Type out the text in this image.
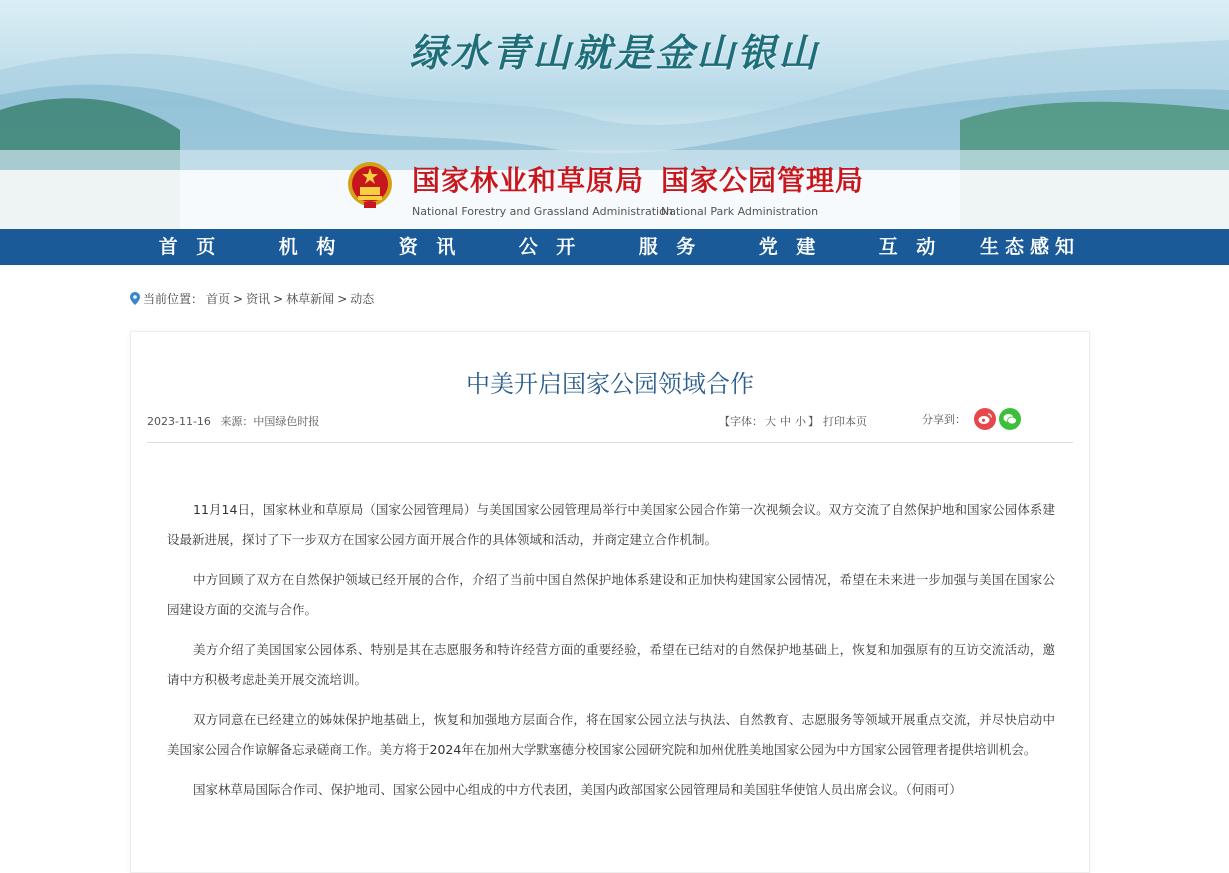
绿水青山就是金山银山
国家林业和草原局
National Forestry and Grassland Administration
国家公园管理局
National Park Administration
首 页	机 构	资 讯	公 开	服 务	党 建	互 动	生态感知
当前位置： 首页 > 资讯 > 林草新闻 > 动态
中美开启国家公园领域合作
2023-11-16 来源：中国绿色时报	【字体： 大 中 小 】 打印本页	分享到：

11月14日，国家林业和草原局（国家公园管理局）与美国国家公园管理局举行中美国家公园合作第一次视频会议。双方交流了自然保护地和国家公园体系建设最新进展，探讨了下一步双方在国家公园方面开展合作的具体领域和活动，并商定建立合作机制。

中方回顾了双方在自然保护领域已经开展的合作，介绍了当前中国自然保护地体系建设和正加快构建国家公园情况，希望在未来进一步加强与美国在国家公园建设方面的交流与合作。

美方介绍了美国国家公园体系、特别是其在志愿服务和特许经营方面的重要经验，希望在已结对的自然保护地基础上，恢复和加强原有的互访交流活动，邀请中方积极考虑赴美开展交流培训。

双方同意在已经建立的姊妹保护地基础上，恢复和加强地方层面合作，将在国家公园立法与执法、自然教育、志愿服务等领域开展重点交流，并尽快启动中美国家公园合作谅解备忘录磋商工作。美方将于2024年在加州大学默塞德分校国家公园研究院和加州优胜美地国家公园为中方国家公园管理者提供培训机会。

国家林草局国际合作司、保护地司、国家公园中心组成的中方代表团，美国内政部国家公园管理局和美国驻华使馆人员出席会议。（何雨可）
